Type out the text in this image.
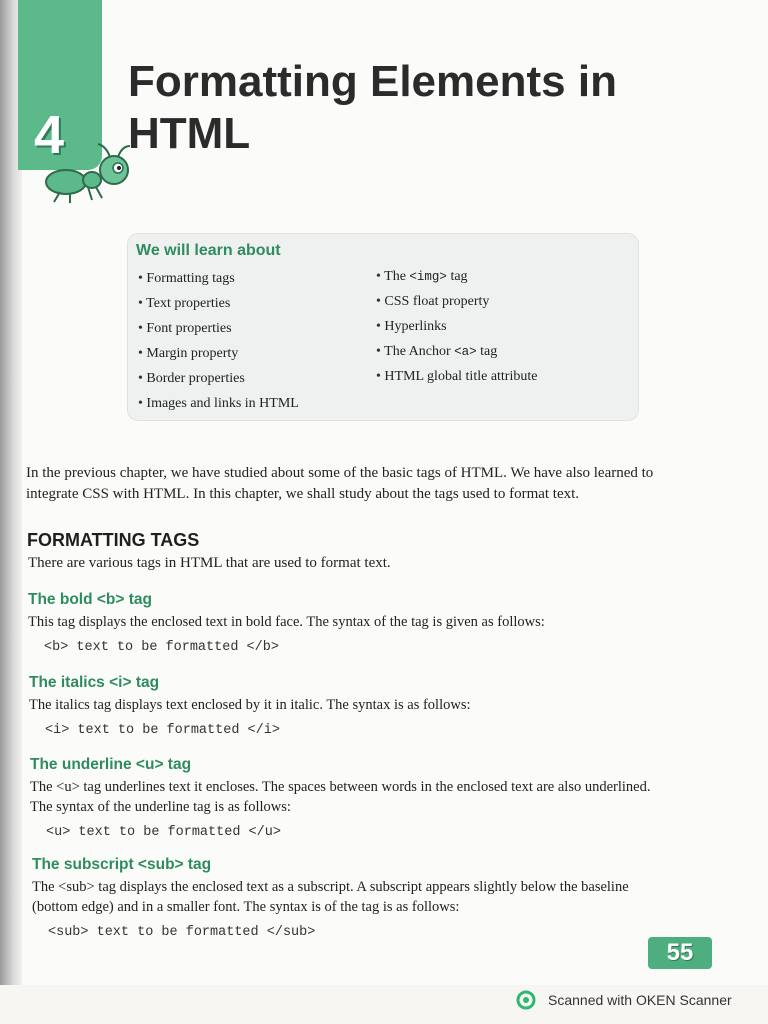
4
Formatting Elements in HTML
We will learn about
• Formatting tags
• Text properties
• Font properties
• Margin property
• Border properties
• Images and links in HTML
• The <img> tag
• CSS float property
• Hyperlinks
• The Anchor <a> tag
• HTML global title attribute

In the previous chapter, we have studied about some of the basic tags of HTML. We have also learned to integrate CSS with HTML. In this chapter, we shall study about the tags used to format text.

FORMATTING TAGS

There are various tags in HTML that are used to format text.

The bold <b> tag

This tag displays the enclosed text in bold face. The syntax of the tag is given as follows:

<b> text to be formatted </b>
The italics <i> tag

The italics tag displays text enclosed by it in italic. The syntax is as follows:

<i> text to be formatted </i>
The underline <u> tag

The <u> tag underlines text it encloses. The spaces between words in the enclosed text are also underlined. The syntax of the underline tag is as follows:

<u> text to be formatted </u>
The subscript <sub> tag

The <sub> tag displays the enclosed text as a subscript. A subscript appears slightly below the baseline (bottom edge) and in a smaller font. The syntax is of the tag is as follows:

<sub> text to be formatted </sub>
55
Scanned with OKEN Scanner
